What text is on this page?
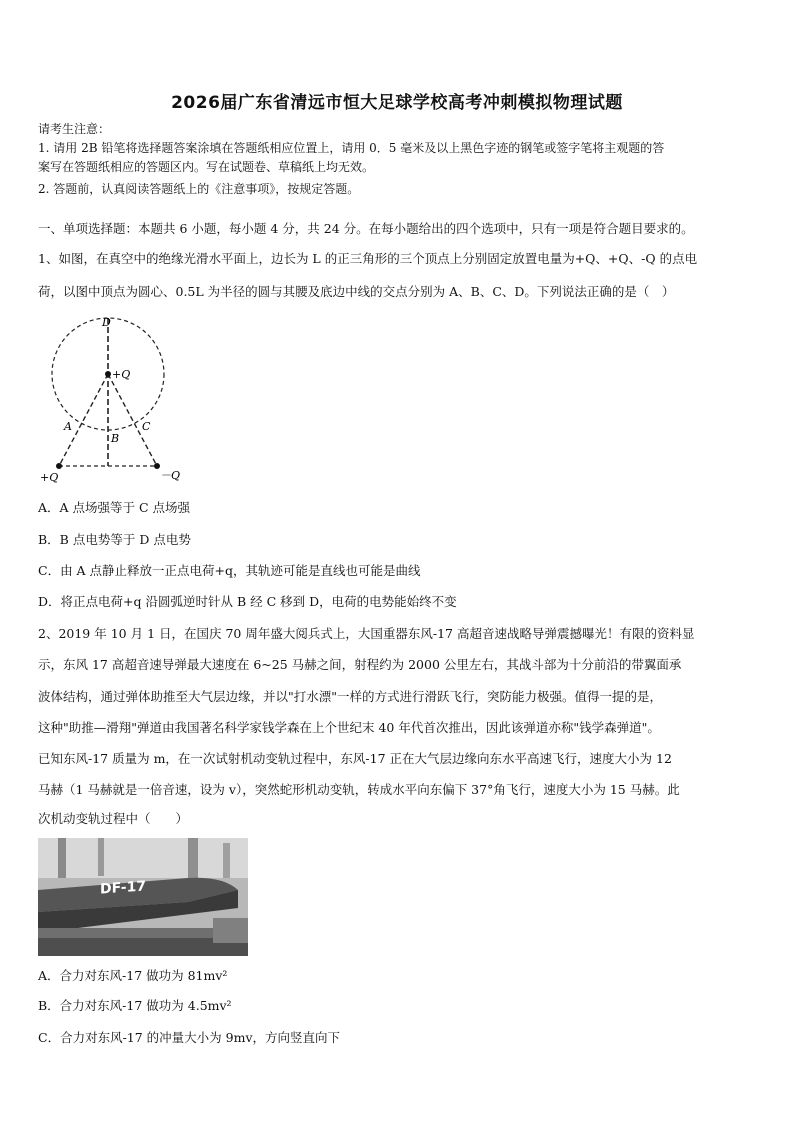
2026届广东省清远市恒大足球学校高考冲刺模拟物理试题
请考生注意：
1. 请用 2B 铅笔将选择题答案涂填在答题纸相应位置上，请用 0．5 毫米及以上黑色字迹的钢笔或签字笔将主观题的答
案写在答题纸相应的答题区内。写在试题卷、草稿纸上均无效。
2. 答题前，认真阅读答题纸上的《注意事项》，按规定答题。
一、单项选择题：本题共 6 小题，每小题 4 分，共 24 分。在每小题给出的四个选项中，只有一项是符合题目要求的。
1、如图，在真空中的绝缘光滑水平面上，边长为 L 的正三角形的三个顶点上分别固定放置电量为+Q、+Q、-Q 的点电
荷，以图中顶点为圆心、0.5L 为半径的圆与其腰及底边中线的交点分别为 A、B、C、D。下列说法正确的是（　）
D
+Q
A
B
C
+Q	－Q
A．A 点场强等于 C 点场强
B．B 点电势等于 D 点电势
C．由 A 点静止释放一正点电荷+q，其轨迹可能是直线也可能是曲线
D．将正点电荷+q 沿圆弧逆时针从 B 经 C 移到 D，电荷的电势能始终不变
2、2019 年 10 月 1 日，在国庆 70 周年盛大阅兵式上，大国重器东风-17 高超音速战略导弹震撼曝光！有限的资料显
示，东风 17 高超音速导弹最大速度在 6~25 马赫之间，射程约为 2000 公里左右，其战斗部为十分前沿的带翼面承
波体结构，通过弹体助推至大气层边缘，并以"打水漂"一样的方式进行滑跃飞行，突防能力极强。值得一提的是，
这种"助推—滑翔"弹道由我国著名科学家钱学森在上个世纪末 40 年代首次推出，因此该弹道亦称"钱学森弹道"。
已知东风-17 质量为 m，在一次试射机动变轨过程中，东风-17 正在大气层边缘向东水平高速飞行，速度大小为 12
马赫（1 马赫就是一倍音速，设为 v），突然蛇形机动变轨，转成水平向东偏下 37°角飞行，速度大小为 15 马赫。此
次机动变轨过程中（　　）
DF-17
A．合力对东风-17 做功为 81mv²
B．合力对东风-17 做功为 4.5mv²
C．合力对东风-17 的冲量大小为 9mv，方向竖直向下
